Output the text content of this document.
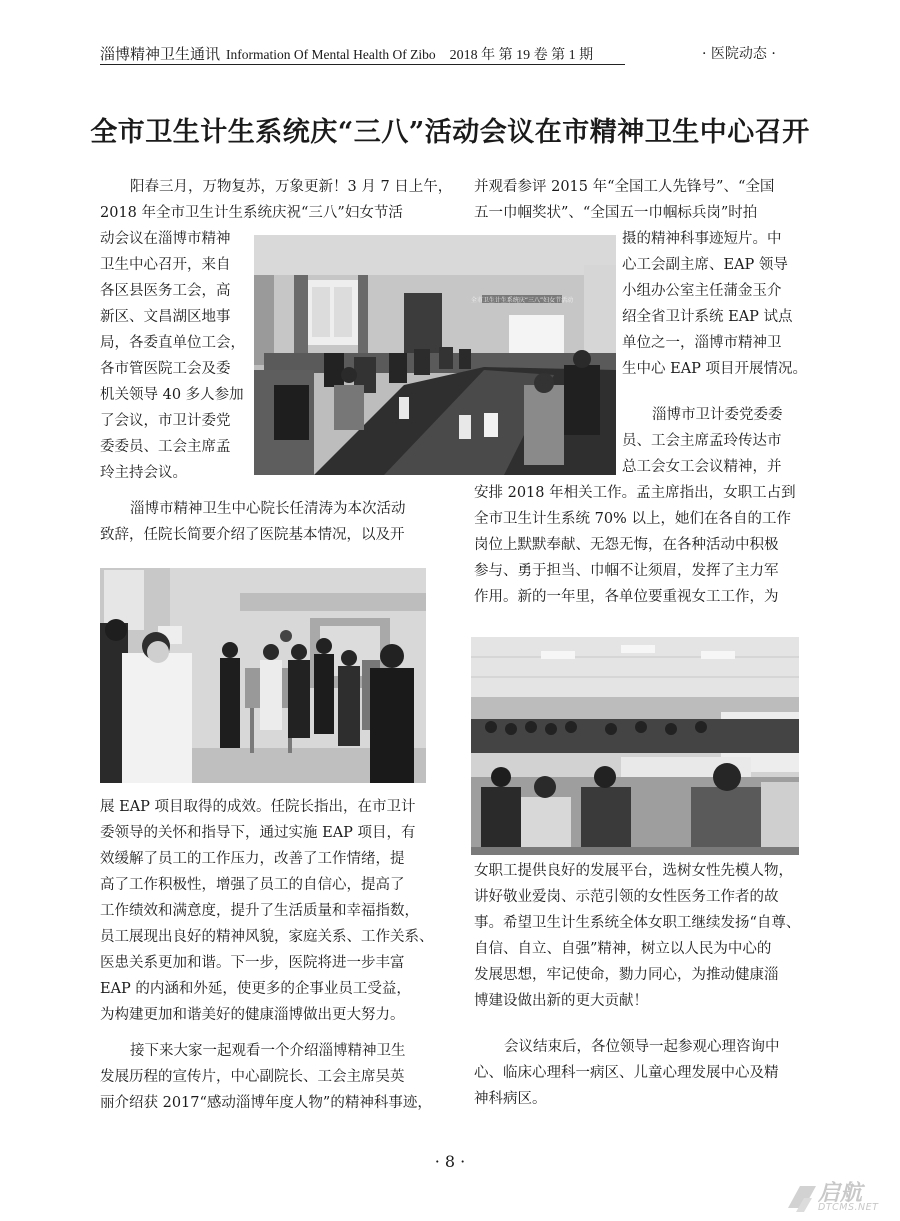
淄博精神卫生通讯 Information Of Mental Health Of Zibo 2018 年 第 19 卷 第 1 期	· 医院动态 ·
全市卫生计生系统庆“三八”活动会议在市精神卫生中心召开
阳春三月，万物复苏，万象更新！3 月 7 日上午，
2018 年全市卫生计生系统庆祝“三八”妇女节活
动会议在淄博市精神
卫生中心召开，来自
各区县医务工会，高
新区、文昌湖区地事
局，各委直单位工会，
各市管医院工会及委
机关领导 40 多人参加
了会议，市卫计委党
委委员、工会主席孟
玲主持会议。
淄博市精神卫生中心院长任清涛为本次活动
致辞，任院长简要介绍了医院基本情况，以及开
展 EAP 项目取得的成效。任院长指出，在市卫计
委领导的关怀和指导下，通过实施 EAP 项目，有
效缓解了员工的工作压力，改善了工作情绪，提
高了工作积极性，增强了员工的自信心，提高了
工作绩效和满意度，提升了生活质量和幸福指数，
员工展现出良好的精神风貌，家庭关系、工作关系、
医患关系更加和谐。下一步，医院将进一步丰富
EAP 的内涵和外延，使更多的企事业员工受益，
为构建更加和谐美好的健康淄博做出更大努力。
接下来大家一起观看一个介绍淄博精神卫生
发展历程的宣传片，中心副院长、工会主席吴英
丽介绍获 2017“感动淄博年度人物”的精神科事迹，
并观看参评 2015 年“全国工人先锋号”、“全国
五一巾帼奖状”、“全国五一巾帼标兵岗”时拍
摄的精神科事迹短片。中
心工会副主席、EAP 领导
小组办公室主任蒲金玉介
绍全省卫计系统 EAP 试点
单位之一，淄博市精神卫
生中心 EAP 项目开展情况。
淄博市卫计委党委委
员、工会主席孟玲传达市
总工会女工会议精神，并
安排 2018 年相关工作。孟主席指出，女职工占到
全市卫生计生系统 70% 以上，她们在各自的工作
岗位上默默奉献、无怨无悔，在各种活动中积极
参与、勇于担当、巾帼不让须眉，发挥了主力军
作用。新的一年里，各单位要重视女工工作，为
女职工提供良好的发展平台，选树女性先模人物，
讲好敬业爱岗、示范引领的女性医务工作者的故
事。希望卫生计生系统全体女职工继续发扬“自尊、
自信、自立、自强”精神，树立以人民为中心的
发展思想，牢记使命，勠力同心，为推动健康淄
博建设做出新的更大贡献！
会议结束后，各位领导一起参观心理咨询中
心、临床心理科一病区、儿童心理发展中心及精
神科病区。
全市卫生计生系统庆“三八”妇女节活动
· 8 ·
启航
DTCMS.NET
